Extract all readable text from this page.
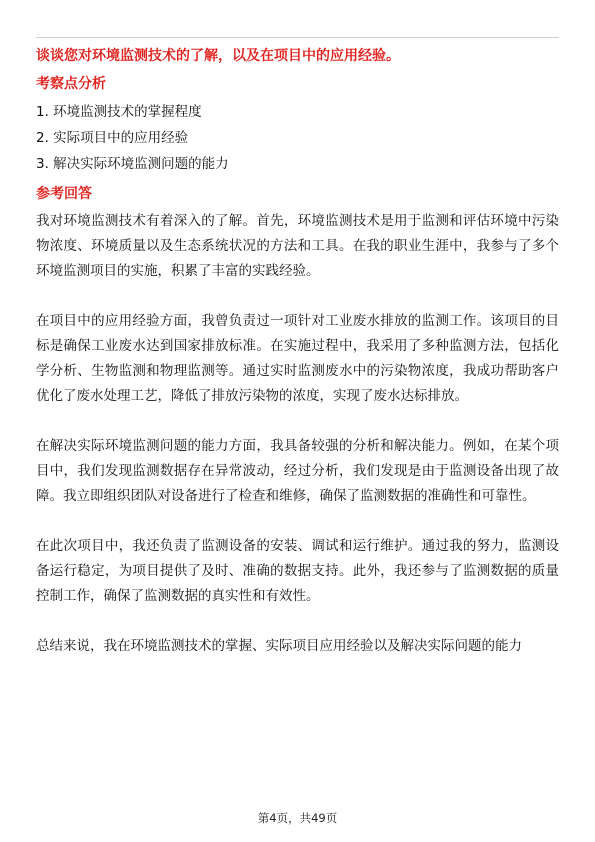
谈谈您对环境监测技术的了解，以及在项目中的应用经验。
考察点分析
1. 环境监测技术的掌握程度
2. 实际项目中的应用经验
3. 解决实际环境监测问题的能力
参考回答

我对环境监测技术有着深入的了解。首先，环境监测技术是用于监测和评估环境中污染物浓度、环境质量以及生态系统状况的方法和工具。在我的职业生涯中，我参与了多个环境监测项目的实施，积累了丰富的实践经验。

在项目中的应用经验方面，我曾负责过一项针对工业废水排放的监测工作。该项目的目标是确保工业废水达到国家排放标准。在实施过程中，我采用了多种监测方法，包括化学分析、生物监测和物理监测等。通过实时监测废水中的污染物浓度，我成功帮助客户优化了废水处理工艺，降低了排放污染物的浓度，实现了废水达标排放。

在解决实际环境监测问题的能力方面，我具备较强的分析和解决能力。例如，在某个项目中，我们发现监测数据存在异常波动，经过分析，我们发现是由于监测设备出现了故障。我立即组织团队对设备进行了检查和维修，确保了监测数据的准确性和可靠性。

在此次项目中，我还负责了监测设备的安装、调试和运行维护。通过我的努力，监测设备运行稳定，为项目提供了及时、准确的数据支持。此外，我还参与了监测数据的质量控制工作，确保了监测数据的真实性和有效性。

总结来说，我在环境监测技术的掌握、实际项目应用经验以及解决实际问题的能力

第4页，共49页
